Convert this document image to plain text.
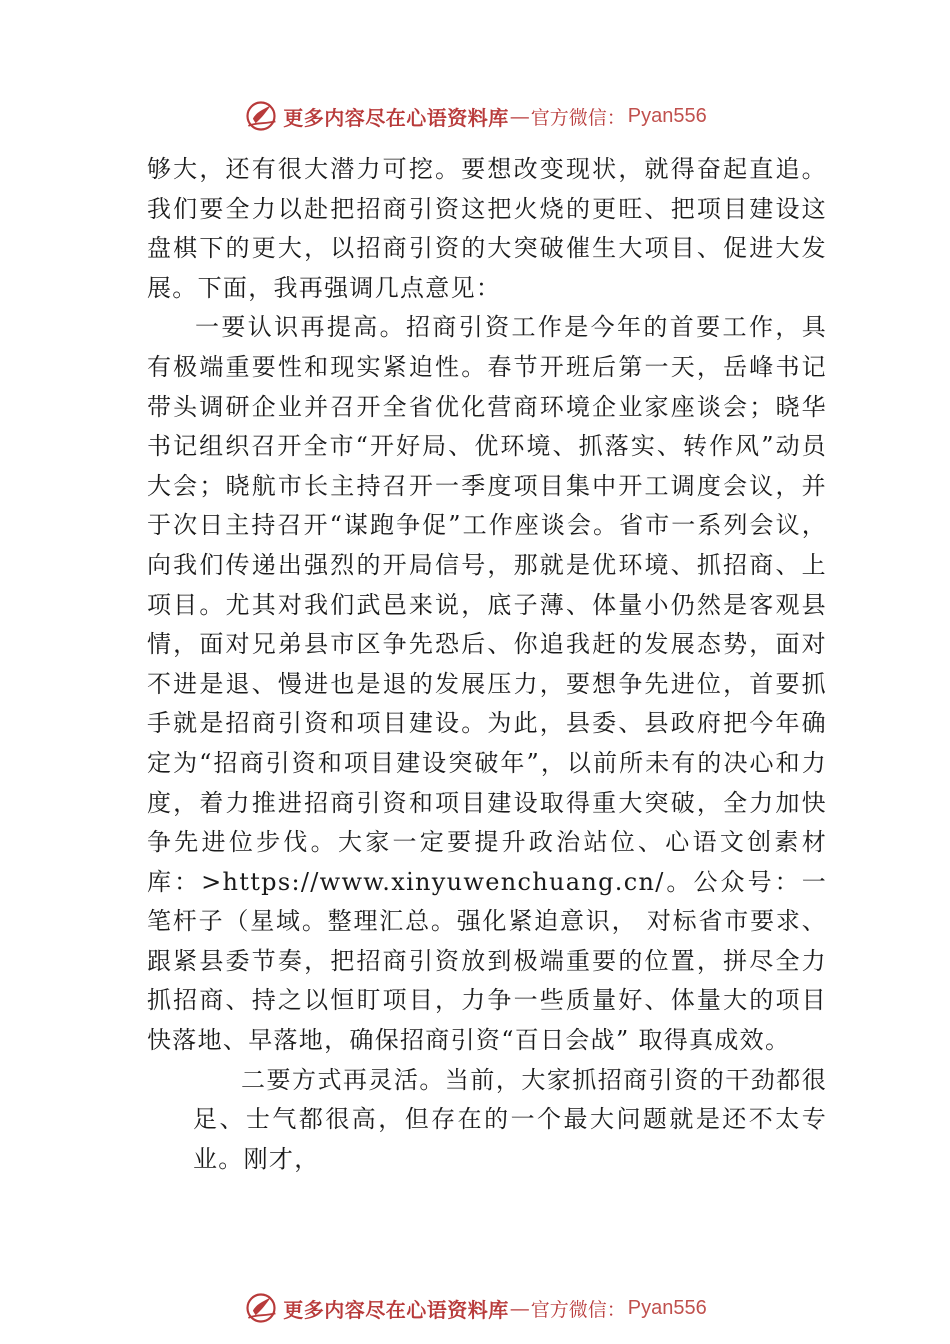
更多内容尽在心语资料库 — 官方微信： Pyan556

够大，还有很大潜力可挖。要想改变现状，就得奋起直追。 我们要全力以赴把招商引资这把火烧的更旺、把项目建设这盘棋下的更大，以招商引资的大突破催生大项目、促进大发展。下面，我再强调几点意见：

一要认识再提高。招商引资工作是今年的首要工作，具有极端重要性和现实紧迫性。春节开班后第一天，岳峰书记带头调研企业并召开全省优化营商环境企业家座谈会；晓华书记组织召开全市“开好局、优环境、抓落实、转作风”动员大会；晓航市长主持召开一季度项目集中开工调度会议，并于次日主持召开“谋跑争促”工作座谈会。省市一系列会议，向我们传递出强烈的开局信号，那就是优环境、抓招商、上项目。尤其对我们武邑来说，底子薄、体量小仍然是客观县情，面对兄弟县市区争先恐后、你追我赶的发展态势，面对不进是退、慢进也是退的发展压力，要想争先进位，首要抓手就是招商引资和项目建设。为此，县委、县政府把今年确定为“招商引资和项目建设突破年”，以前所未有的决心和力度，着力推进招商引资和项目建设取得重大突破，全力加快争先进位步伐。大家一定要提升政治站位、心语文创素材库：>https://www.xinyuwenchuang.cn/。公众号：一笔杆子（星域。整理汇总。强化紧迫意识， 对标省市要求、跟紧县委节奏，把招商引资放到极端重要的位置，拼尽全力抓招商、持之以恒盯项目，力争一些质量好、体量大的项目快落地、早落地，确保招商引资“百日会战” 取得真成效。

二要方式再灵活。当前，大家抓招商引资的干劲都很足、士气都很高，但存在的一个最大问题就是还不太专业。刚才，

更多内容尽在心语资料库 — 官方微信： Pyan556
